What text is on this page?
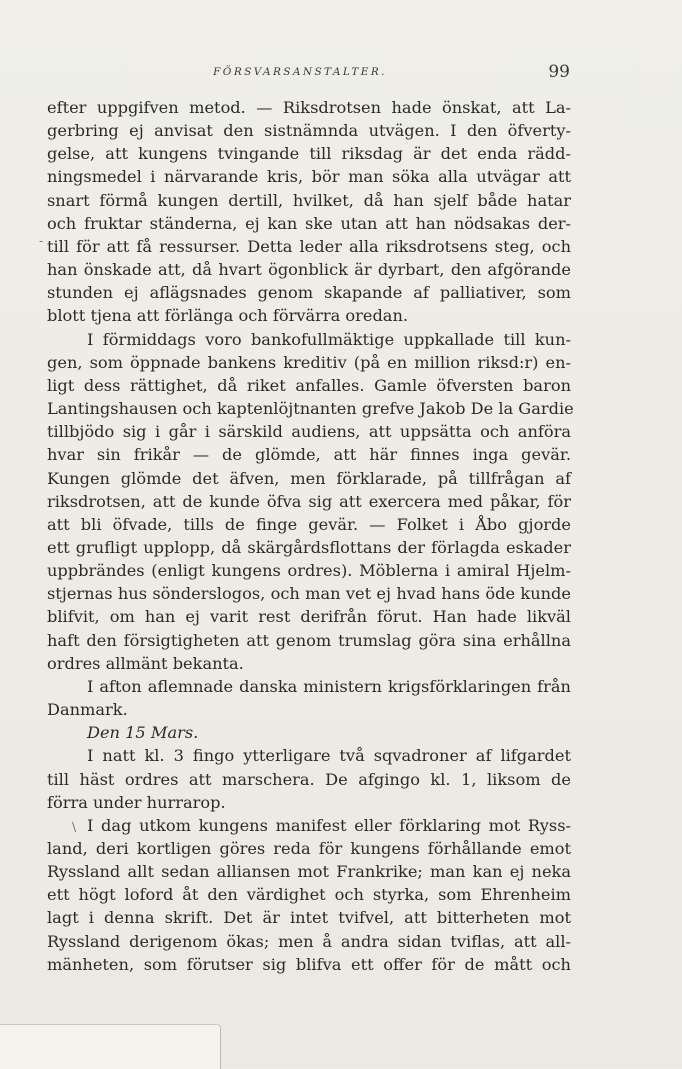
FÖRSVARSANSTALTER.	99
-
\
efter uppgifven metod. — Riksdrotsen hade önskat, att La-
gerbring ej anvisat den sistnämnda utvägen. I den öfverty-
gelse, att kungens tvingande till riksdag är det enda rädd-
ningsmedel i närvarande kris, bör man söka alla utvägar att
snart förmå kungen dertill, hvilket, då han sjelf både hatar
och fruktar ständerna, ej kan ske utan att han nödsakas der-
till för att få ressurser. Detta leder alla riksdrotsens steg, och
han önskade att, då hvart ögonblick är dyrbart, den afgörande
stunden ej aflägsnades genom skapande af palliativer, som
blott tjena att förlänga och förvärra oredan.
I förmiddags voro bankofullmäktige uppkallade till kun-
gen, som öppnade bankens kreditiv (på en million riksd:r) en-
ligt dess rättighet, då riket anfalles. Gamle öfversten baron
Lantingshausen och kaptenlöjtnanten grefve Jakob De la Gardie
tillbjödo sig i går i särskild audiens, att uppsätta och anföra
hvar sin frikår — de glömde, att här finnes inga gevär.
Kungen glömde det äfven, men förklarade, på tillfrågan af
riksdrotsen, att de kunde öfva sig att exercera med påkar, för
att bli öfvade, tills de finge gevär. — Folket i Åbo gjorde
ett grufligt upplopp, då skärgårdsflottans der förlagda eskader
uppbrändes (enligt kungens ordres). Möblerna i amiral Hjelm-
stjernas hus sönderslogos, och man vet ej hvad hans öde kunde
blifvit, om han ej varit rest derifrån förut. Han hade likväl
haft den försigtigheten att genom trumslag göra sina erhållna
ordres allmänt bekanta.
I afton aflemnade danska ministern krigsförklaringen från
Danmark.
Den 15 Mars.
I natt kl. 3 fingo ytterligare två sqvadroner af lifgardet
till häst ordres att marschera. De afgingo kl. 1, liksom de
förra under hurrarop.
I dag utkom kungens manifest eller förklaring mot Ryss-
land, deri kortligen göres reda för kungens förhållande emot
Ryssland allt sedan alliansen mot Frankrike; man kan ej neka
ett högt loford åt den värdighet och styrka, som Ehrenheim
lagt i denna skrift. Det är intet tvifvel, att bitterheten mot
Ryssland derigenom ökas; men å andra sidan tviflas, att all-
mänheten, som förutser sig blifva ett offer för de mått och
